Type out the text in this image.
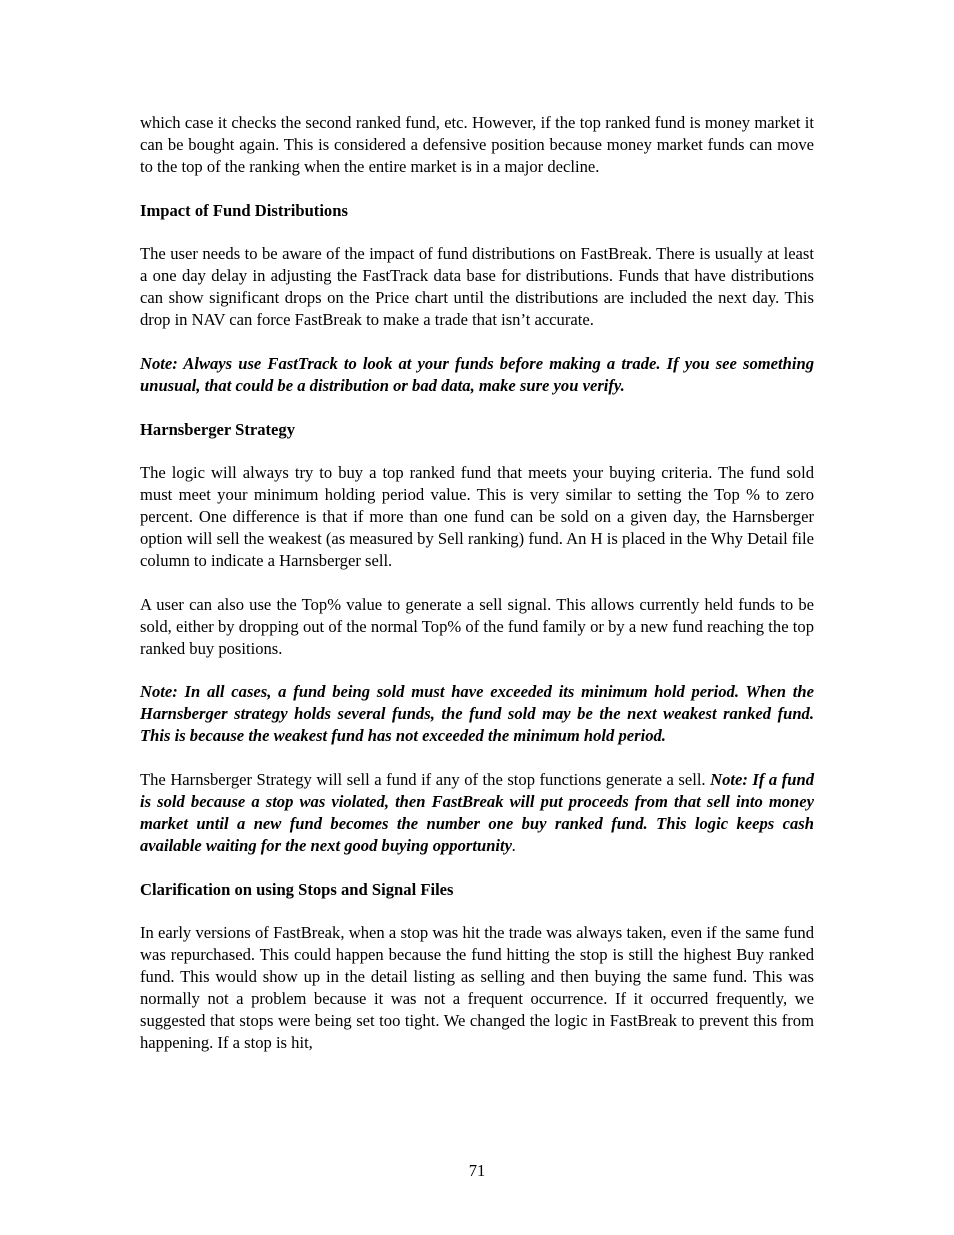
which case it checks the second ranked fund, etc. However, if the top ranked fund is money market it can be bought again. This is considered a defensive position because money market funds can move to the top of the ranking when the entire market is in a major decline.

Impact of Fund Distributions

The user needs to be aware of the impact of fund distributions on FastBreak. There is usually at least a one day delay in adjusting the FastTrack data base for distributions. Funds that have distributions can show significant drops on the Price chart until the distributions are included the next day. This drop in NAV can force FastBreak to make a trade that isn’t accurate.

Note: Always use FastTrack to look at your funds before making a trade. If you see something unusual, that could be a distribution or bad data, make sure you verify.

Harnsberger Strategy

The logic will always try to buy a top ranked fund that meets your buying criteria. The fund sold must meet your minimum holding period value. This is very similar to setting the Top % to zero percent. One difference is that if more than one fund can be sold on a given day, the Harnsberger option will sell the weakest (as measured by Sell ranking) fund. An H is placed in the Why Detail file column to indicate a Harnsberger sell.

A user can also use the Top% value to generate a sell signal. This allows currently held funds to be sold, either by dropping out of the normal Top% of the fund family or by a new fund reaching the top ranked buy positions.

Note: In all cases, a fund being sold must have exceeded its minimum hold period. When the Harnsberger strategy holds several funds, the fund sold may be the next weakest ranked fund. This is because the weakest fund has not exceeded the minimum hold period.

The Harnsberger Strategy will sell a fund if any of the stop functions generate a sell. Note: If a fund is sold because a stop was violated, then FastBreak will put proceeds from that sell into money market until a new fund becomes the number one buy ranked fund. This logic keeps cash available waiting for the next good buying opportunity.

Clarification on using Stops and Signal Files

In early versions of FastBreak, when a stop was hit the trade was always taken, even if the same fund was repurchased. This could happen because the fund hitting the stop is still the highest Buy ranked fund. This would show up in the detail listing as selling and then buying the same fund. This was normally not a problem because it was not a frequent occurrence. If it occurred frequently, we suggested that stops were being set too tight. We changed the logic in FastBreak to prevent this from happening. If a stop is hit,

71
